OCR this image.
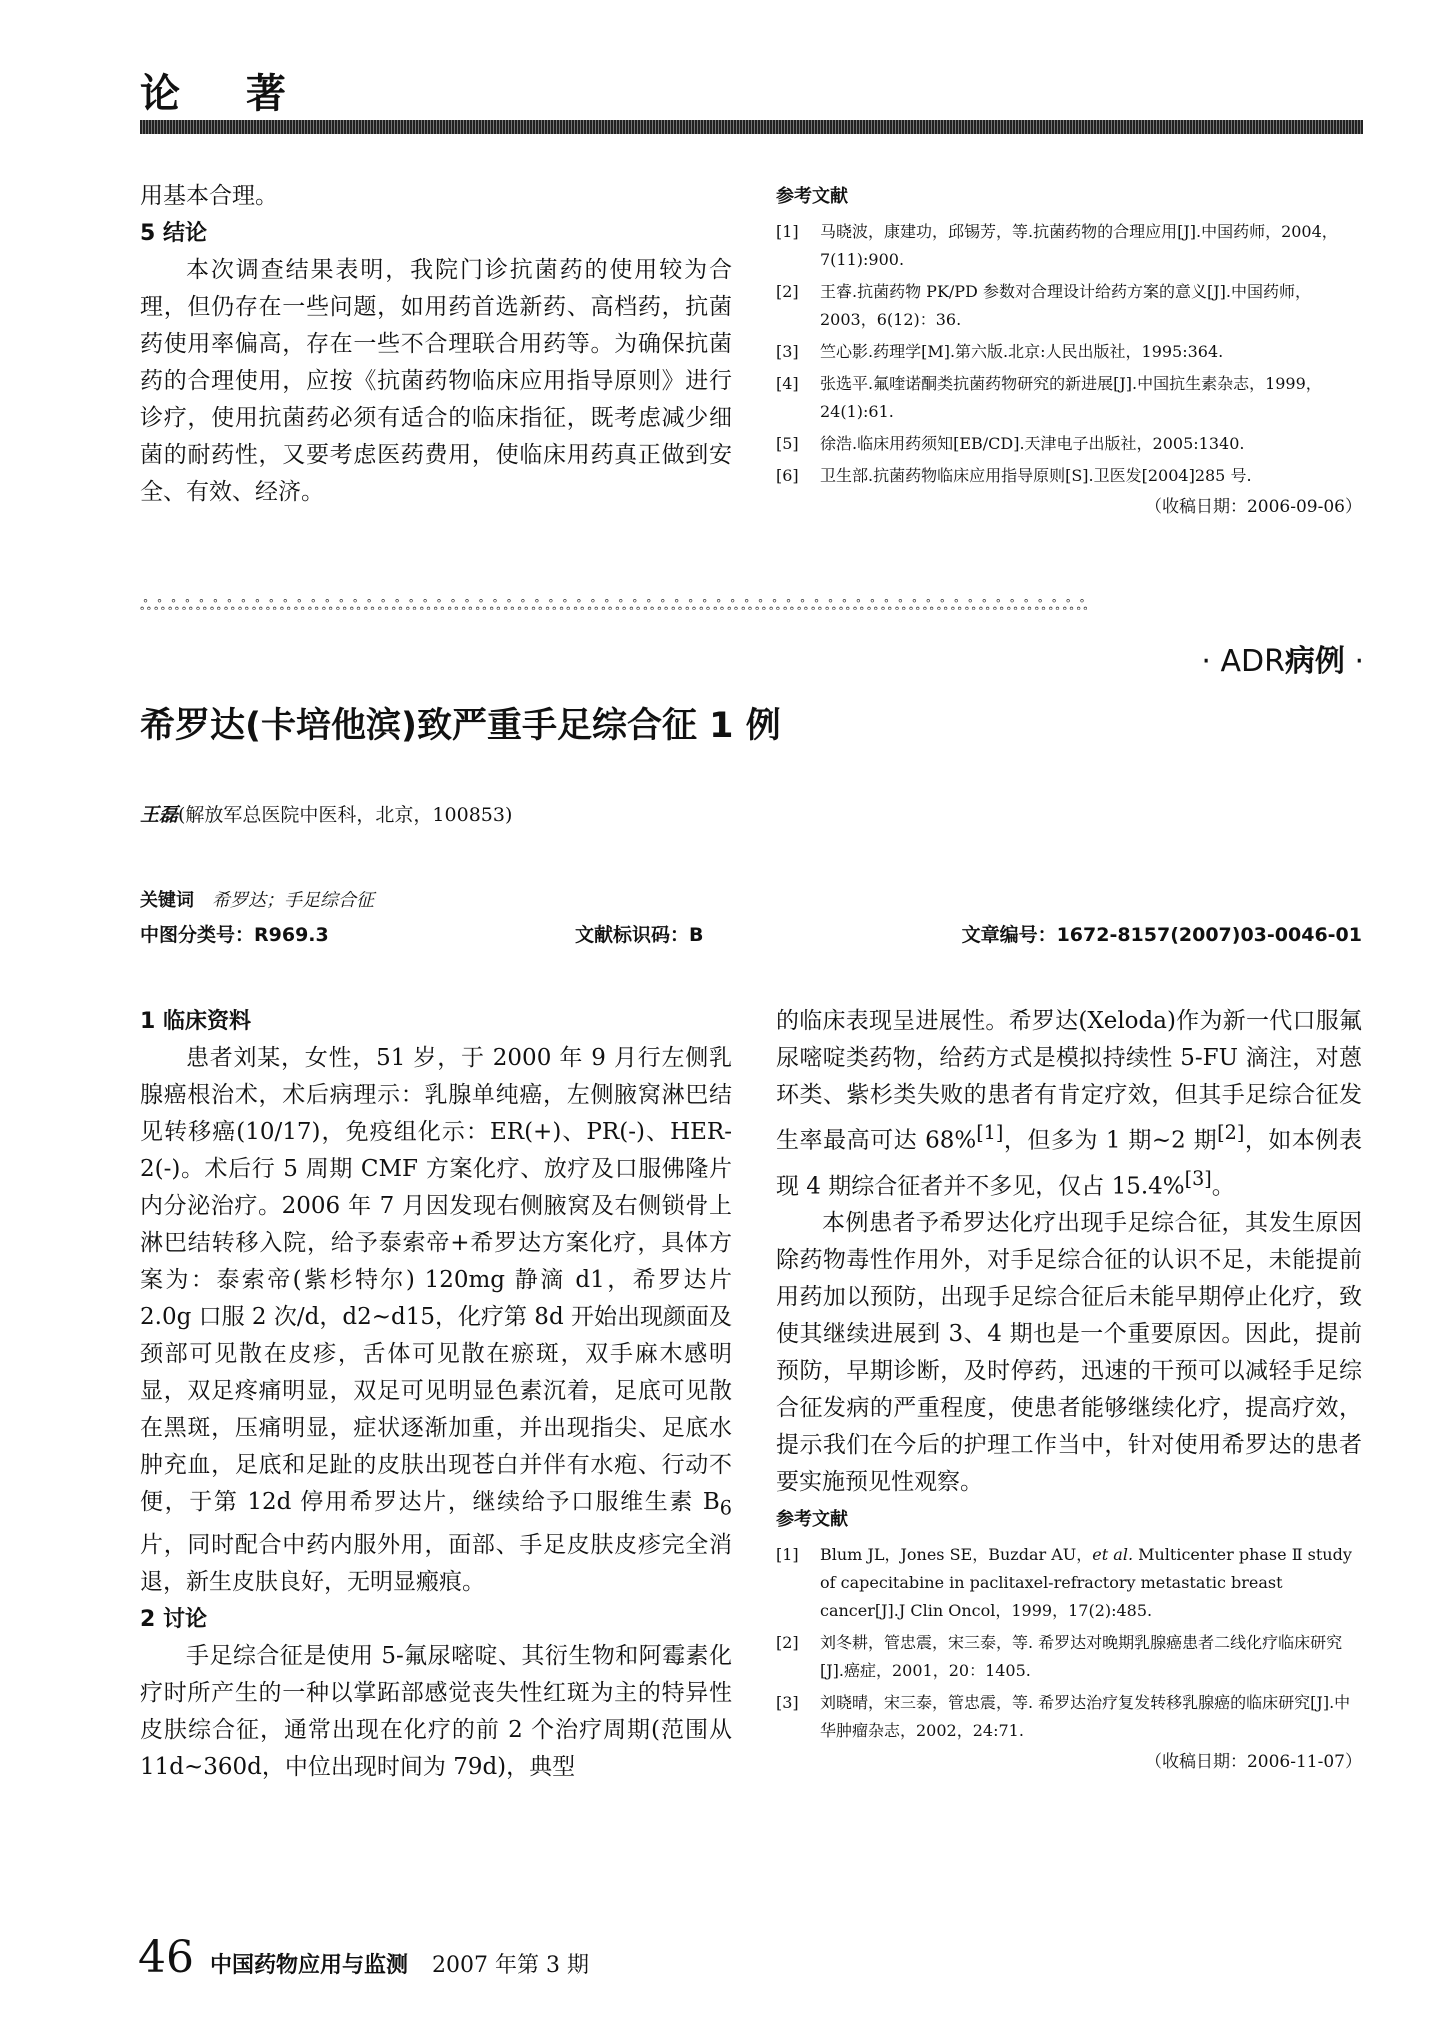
论 著

用基本合理。

5 结论

本次调查结果表明，我院门诊抗菌药的使用较为合理，但仍存在一些问题，如用药首选新药、高档药，抗菌药使用率偏高，存在一些不合理联合用药等。为确保抗菌药的合理使用，应按《抗菌药物临床应用指导原则》进行诊疗，使用抗菌药必须有适合的临床指征，既考虑减少细菌的耐药性，又要考虑医药费用，使临床用药真正做到安全、有效、经济。

参考文献

[1]	马晓波，康建功，邱锡芳，等.抗菌药物的合理应用[J].中国药师，2004，7(11):900.
[2]	王睿.抗菌药物 PK/PD 参数对合理设计给药方案的意义[J].中国药师，2003，6(12)：36.
[3]	竺心影.药理学[M].第六版.北京:人民出版社，1995:364.
[4]	张选平.氟喹诺酮类抗菌药物研究的新进展[J].中国抗生素杂志，1999，24(1):61.
[5]	徐浩.临床用药须知[EB/CD].天津电子出版社，2005:1340.
[6]	卫生部.抗菌药物临床应用指导原则[S].卫医发[2004]285 号.
（收稿日期：2006-09-06）
ஃஃஃஃஃஃஃஃஃஃஃஃஃஃஃஃஃஃஃஃஃஃஃஃஃஃஃஃஃஃஃஃஃஃஃஃஃஃஃஃஃஃஃஃஃஃஃஃஃஃஃஃஃஃஃஃஃஃஃஃஃஃஃஃஃஃஃஃ
· ADR病例 ·
希罗达(卡培他滨)致严重手足综合征 1 例
王磊(解放军总医院中医科，北京，100853)
关键词 希罗达；手足综合征
中图分类号：R969.3	文献标识码：B	文章编号：1672-8157(2007)03-0046-01

1 临床资料

患者刘某，女性，51 岁，于 2000 年 9 月行左侧乳腺癌根治术，术后病理示：乳腺单纯癌，左侧腋窝淋巴结见转移癌(10/17)，免疫组化示：ER(+)、PR(-)、HER-2(-)。术后行 5 周期 CMF 方案化疗、放疗及口服佛隆片内分泌治疗。2006 年 7 月因发现右侧腋窝及右侧锁骨上淋巴结转移入院，给予泰索帝+希罗达方案化疗，具体方案为：泰索帝(紫杉特尔) 120mg 静滴 d1，希罗达片 2.0g 口服 2 次/d，d2~d15，化疗第 8d 开始出现颜面及颈部可见散在皮疹，舌体可见散在瘀斑，双手麻木感明显，双足疼痛明显，双足可见明显色素沉着，足底可见散在黑斑，压痛明显，症状逐渐加重，并出现指尖、足底水肿充血，足底和足趾的皮肤出现苍白并伴有水疱、行动不便，于第 12d 停用希罗达片，继续给予口服维生素 $B_6$ 片，同时配合中药内服外用，面部、手足皮肤皮疹完全消退，新生皮肤良好，无明显瘢痕。

2 讨论

手足综合征是使用 5-氟尿嘧啶、其衍生物和阿霉素化疗时所产生的一种以掌跖部感觉丧失性红斑为主的特异性皮肤综合征，通常出现在化疗的前 2 个治疗周期(范围从 11d~360d，中位出现时间为 79d)，典型

的临床表现呈进展性。希罗达(Xeloda)作为新一代口服氟尿嘧啶类药物，给药方式是模拟持续性 5-FU 滴注，对蒽环类、紫杉类失败的患者有肯定疗效，但其手足综合征发生率最高可达 68%[1]，但多为 1 期~2 期[2]，如本例表现 4 期综合征者并不多见，仅占 15.4%[3]。

本例患者予希罗达化疗出现手足综合征，其发生原因除药物毒性作用外，对手足综合征的认识不足，未能提前用药加以预防，出现手足综合征后未能早期停止化疗，致使其继续进展到 3、4 期也是一个重要原因。因此，提前预防，早期诊断，及时停药，迅速的干预可以减轻手足综合征发病的严重程度，使患者能够继续化疗，提高疗效，提示我们在今后的护理工作当中，针对使用希罗达的患者要实施预见性观察。

参考文献

[1]	Blum JL，Jones SE，Buzdar AU，et al. Multicenter phase Ⅱ study of capecitabine in paclitaxel-refractory metastatic breast cancer[J].J Clin Oncol，1999，17(2):485.
[2]	刘冬耕，管忠震，宋三泰，等. 希罗达对晚期乳腺癌患者二线化疗临床研究[J].癌症，2001，20：1405.
[3]	刘晓晴，宋三泰，管忠震，等. 希罗达治疗复发转移乳腺癌的临床研究[J].中华肿瘤杂志，2002，24:71.
（收稿日期：2006-11-07）
46 中国药物应用与监测 2007 年第 3 期
